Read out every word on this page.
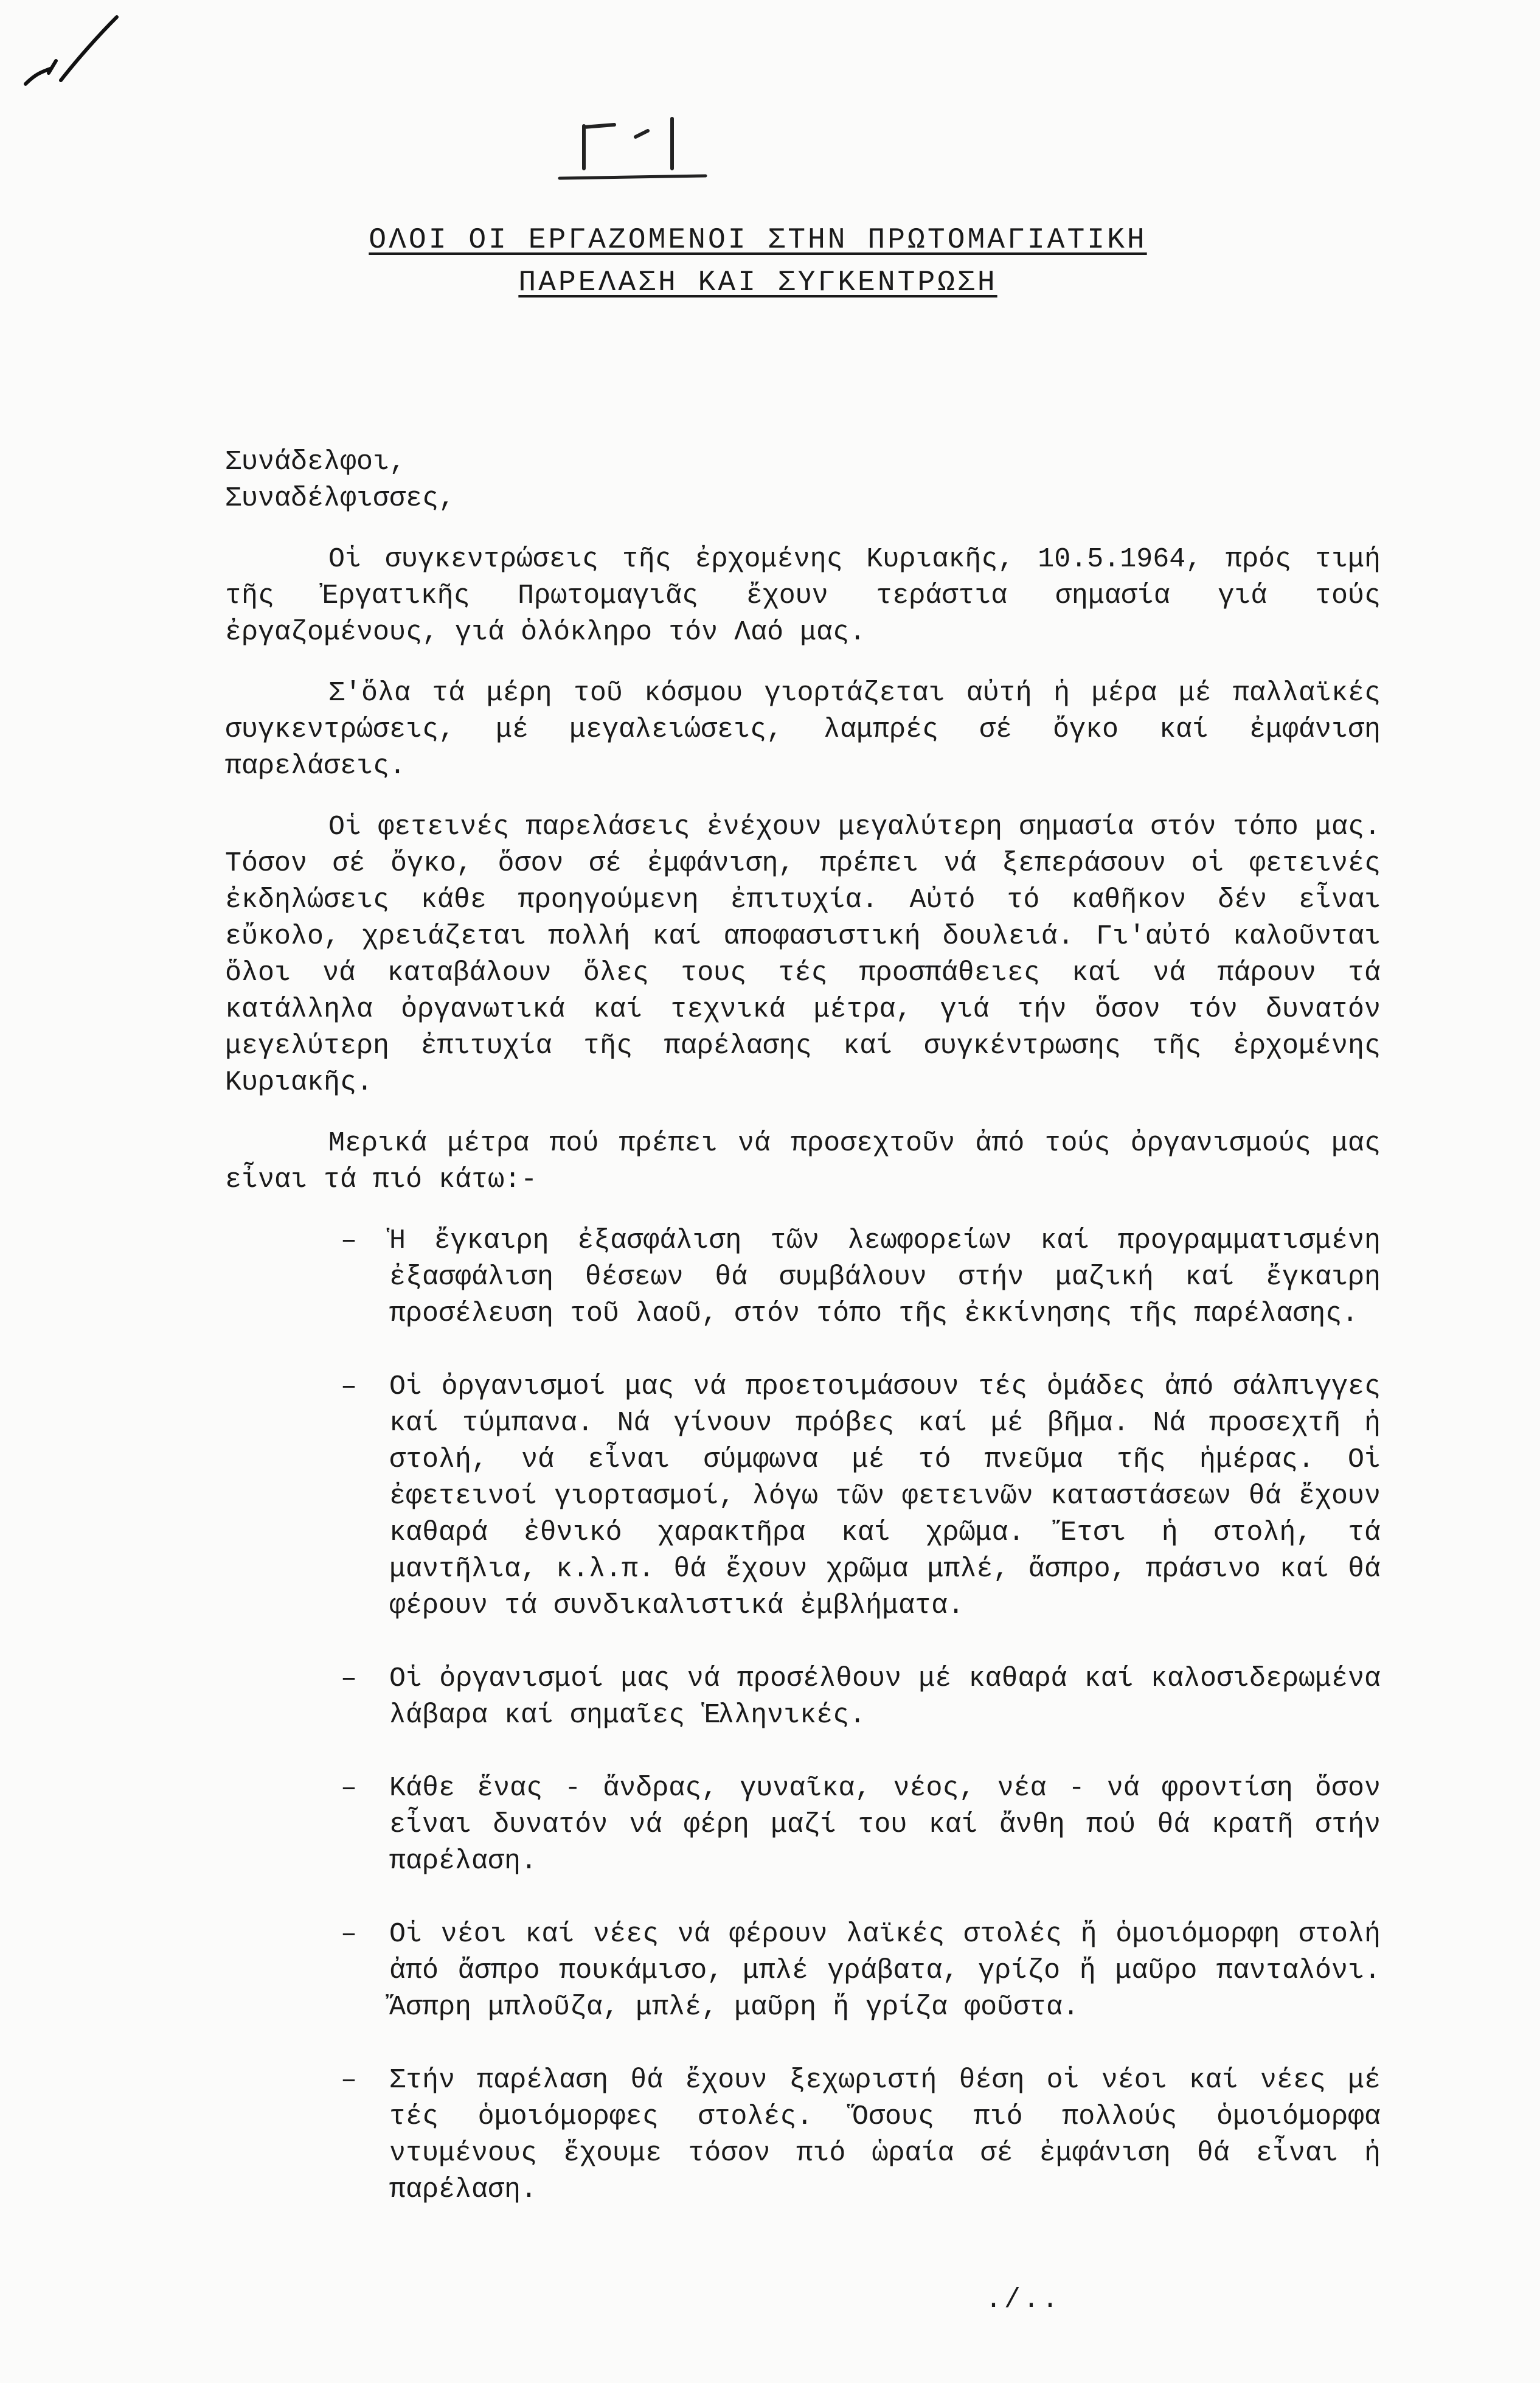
ΟΛΟΙ ΟΙ ΕΡΓΑΖΟΜΕΝΟΙ ΣΤΗΝ ΠΡΩΤΟΜΑΓΙΑΤΙΚΗ
ΠΑΡΕΛΑΣΗ ΚΑΙ ΣΥΓΚΕΝΤΡΩΣΗ
Συνάδελφοι,
Συναδέλφισσες,

Οἱ συγκεντρώσεις τῆς ἐρχομένης Κυριακῆς, 10.5.1964, πρός τιμή τῆς Ἐργατικῆς Πρωτομαγιᾶς ἔχουν τεράστια σημασία γιά τούς ἐργαζομένους, γιά ὁλόκληρο τόν Λαό μας.

Σ'ὅλα τά μέρη τοῦ κόσμου γιορτάζεται αὐτή ἡ μέρα μέ παλλαϊκές συγκεντρώσεις, μέ μεγαλειώσεις, λαμπρές σέ ὄγκο καί ἐμφάνιση παρελάσεις.

Οἱ φετεινές παρελάσεις ἐνέχουν μεγαλύτερη σημασία στόν τόπο μας. Τόσον σέ ὄγκο, ὅσον σέ ἐμφάνιση, πρέπει νά ξεπεράσουν οἱ φετεινές ἐκδηλώσεις κάθε προηγούμενη ἐπιτυχία. Αὐτό τό καθῆκον δέν εἶναι εὔκολο, χρειάζεται πολλή καί αποφασιστική δουλειά. Γι'αὐτό καλοῦνται ὅλοι νά καταβάλουν ὅλες τους τές προσπάθειες καί νά πάρουν τά κατάλληλα ὀργανωτικά καί τεχνικά μέτρα, γιά τήν ὅσον τόν δυνατόν μεγελύτερη ἐπιτυχία τῆς παρέλασης καί συγκέντρωσης τῆς ἐρχομένης Κυριακῆς.

Μερικά μέτρα πού πρέπει νά προσεχτοῦν ἀπό τούς ὀργανισμούς μας εἶναι τά πιό κάτω:-

– Ἡ ἔγκαιρη ἐξασφάλιση τῶν λεωφορείων καί προγραμματισμένη ἐξασφάλιση θέσεων θά συμβάλουν στήν μαζική καί ἔγκαιρη προσέλευση τοῦ λαοῦ, στόν τόπο τῆς ἐκκίνησης τῆς παρέλασης.
– Οἱ ὀργανισμοί μας νά προετοιμάσουν τές ὁμάδες ἀπό σάλπιγγες καί τύμπανα. Νά γίνουν πρόβες καί μέ βῆμα. Νά προσεχτῆ ἡ στολή, νά εἶναι σύμφωνα μέ τό πνεῦμα τῆς ἡμέρας. Οἱ ἐφετεινοί γιορτασμοί, λόγω τῶν φετεινῶν καταστάσεων θά ἔχουν καθαρά ἐθνικό χαρακτῆρα καί χρῶμα. Ἔτσι ἡ στολή, τά μαντῆλια, κ.λ.π. θά ἔχουν χρῶμα μπλέ, ἄσπρο, πράσινο καί θά φέρουν τά συνδικαλιστικά ἐμβλήματα.
– Οἱ ὀργανισμοί μας νά προσέλθουν μέ καθαρά καί καλοσιδερωμένα λάβαρα καί σημαῖες Ἑλληνικές.
– Κάθε ἕνας - ἄνδρας, γυναῖκα, νέος, νέα - νά φροντίση ὅσον εἶναι δυνατόν νά φέρη μαζί του καί ἄνθη πού θά κρατῆ στήν παρέλαση.
– Οἱ νέοι καί νέες νά φέρουν λαϊκές στολές ἤ ὁμοιόμορφη στολή ἀπό ἄσπρο πουκάμισο, μπλέ γράβατα, γρίζο ἤ μαῦρο πανταλόνι. Ἄσπρη μπλοῦζα, μπλέ, μαῦρη ἤ γρίζα φοῦστα.
– Στήν παρέλαση θά ἔχουν ξεχωριστή θέση οἱ νέοι καί νέες μέ τές ὁμοιόμορφες στολές. Ὅσους πιό πολλούς ὁμοιόμορφα ντυμένους ἔχουμε τόσον πιό ὡραία σέ ἐμφάνιση θά εἶναι ἡ παρέλαση.
./..
